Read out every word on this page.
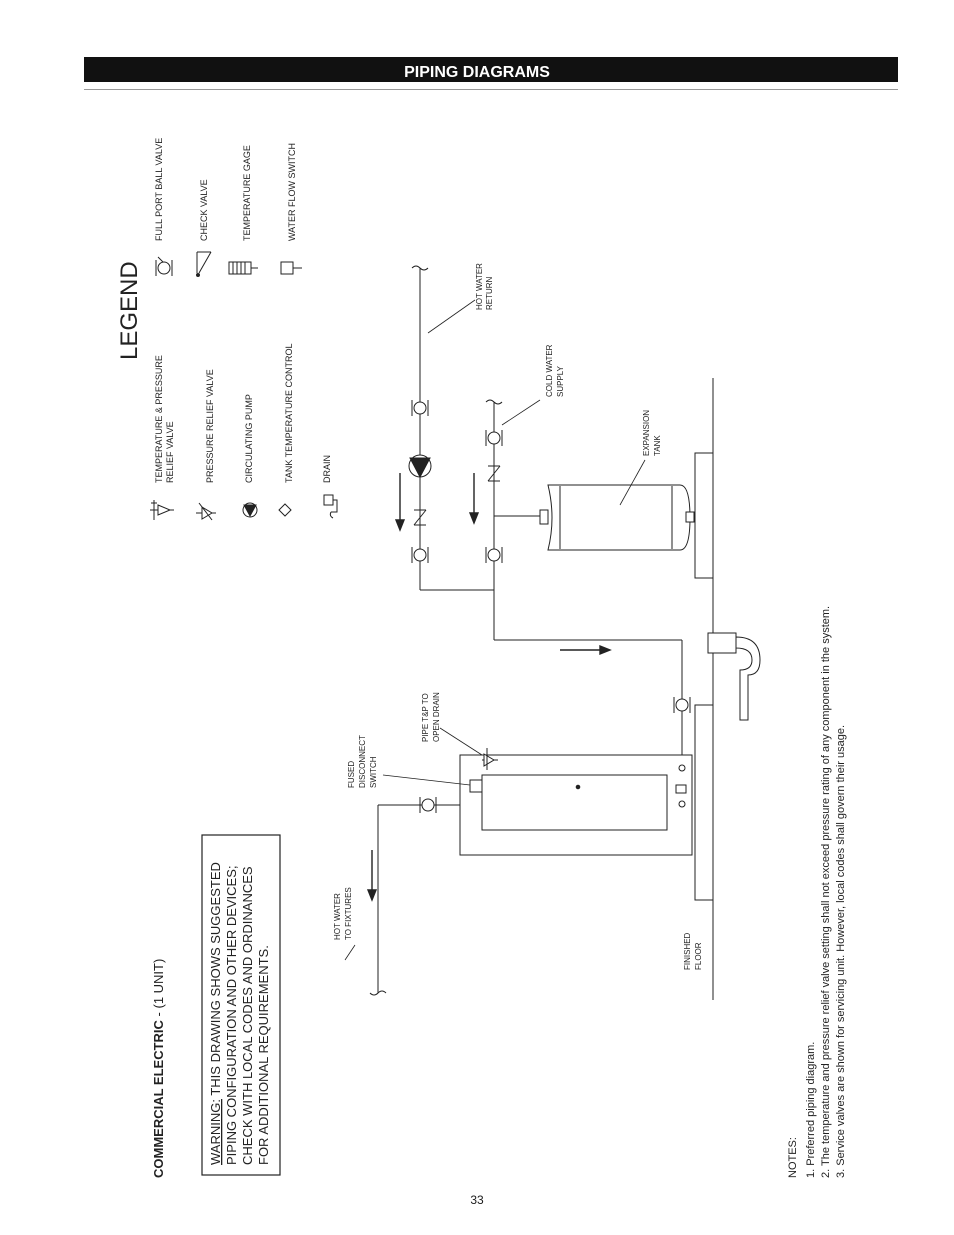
PIPING DIAGRAMS
COMMERCIAL ELECTRIC - (1 UNIT)
WARNING: THIS DRAWING SHOWS SUGGESTED PIPING CONFIGURATION AND OTHER DEVICES; CHECK WITH LOCAL CODES AND ORDINANCES FOR ADDITIONAL REQUIREMENTS.
LEGEND
TEMPERATURE & PRESSURE RELIEF VALVE	PRESSURE RELIEF VALVE	CIRCULATING PUMP	TANK TEMPERATURE CONTROL	DRAIN
FULL PORT BALL VALVE	CHECK VALVE	TEMPERATURE GAGE	WATER FLOW SWITCH
HOT WATER RETURN
COLD WATER SUPPLY
EXPANSION TANK
PIPE T&P TO OPEN DRAIN
FUSED DISCONNECT SWITCH
HOT WATER TO FIXTURES
FINISHED FLOOR
NOTES: 1. Preferred piping diagram. 2. The temperature and pressure relief valve setting shall not exceed pressure rating of any component in the system. 3. Service valves are shown for servicing unit. However, local codes shall govern their usage.
33
